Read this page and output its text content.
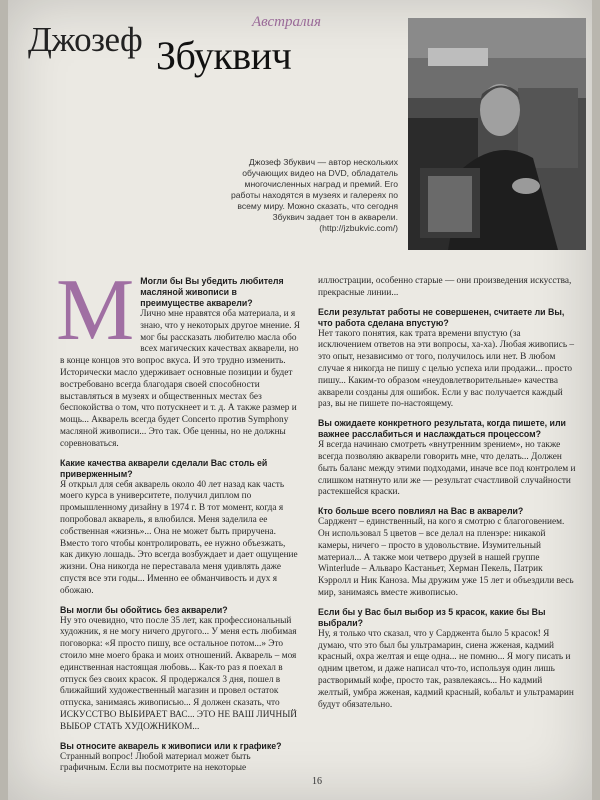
Джозеф Збуквич
Австралия
Джозеф Збуквич — автор нескольких обучающих видео на DVD, обладатель многочисленных наград и премий. Его работы находятся в музеях и галереях по всему миру. Можно сказать, что сегодня Збуквич задает тон в акварели. (http://jzbukvic.com/)
М Могли бы Вы убедить любителя масляной живописи в преимуществе акварели?

Лично мне нравятся оба материала, и я знаю, что у некоторых другое мнение. Я мог бы рассказать любителю масла обо всех магических качествах акварели, но в конце концов это вопрос вкуса. И это трудно изменить. Исторически масло удерживает основные позиции и будет востребовано всегда благодаря своей способности выставляться в музеях и общественных местах без беспокойства о том, что потускнеет и т. д. А также размер и мощь... Акварель всегда будет Concerto против Symphony масляной живописи... Это так. Обе ценны, но не должны соревноваться.

Какие качества акварели сделали Вас столь ей приверженным?

Я открыл для себя акварель около 40 лет назад как часть моего курса в университете, получил диплом по промышленному дизайну в 1974 г. В тот момент, когда я попробовал акварель, я влюбился. Меня заделила ее собственная «жизнь»... Она не может быть приручена. Вместо того чтобы контролировать, ее нужно объезжать, как дикую лошадь. Это всегда возбуждает и дает ощущение жизни. Она никогда не переставала меня удивлять даже спустя все эти годы... Именно ее обманчивость и дух я обожаю.

Вы могли бы обойтись без акварели?

Ну это очевидно, что после 35 лет, как профессиональный художник, я не могу ничего другого... У меня есть любимая поговорка: «Я просто пишу, все остальное потом...» Это стоило мне моего брака и моих отношений. Акварель – моя единственная настоящая любовь... Как-то раз я поехал в отпуск без своих красок. Я продержался 3 дня, пошел в ближайший художественный магазин и провел остаток отпуска, занимаясь живописью... Я должен сказать, что ИСКУССТВО ВЫБИРАЕТ ВАС... ЭТО НЕ ВАШ ЛИЧНЫЙ ВЫБОР СТАТЬ ХУДОЖНИКОМ...

Вы относите акварель к живописи или к графике?

Странный вопрос! Любой материал может быть графичным. Если вы посмотрите на некоторые

иллюстрации, особенно старые — они произведения искусства, прекрасные линии...

Если результат работы не совершенен, считаете ли Вы, что работа сделана впустую?

Нет такого понятия, как трата времени впустую (за исключением ответов на эти вопросы, ха-ха). Любая живопись – это опыт, независимо от того, получилось или нет. В любом случае я никогда не пишу с целью успеха или продажи... просто пишу... Каким-то образом «неудовлетворительные» качества акварели созданы для ошибок. Если у вас получается каждый раз, вы не пишете по-настоящему.

Вы ожидаете конкретного результата, когда пишете, или важнее расслабиться и наслаждаться процессом?

Я всегда начинаю смотреть «внутренним зрением», но также всегда позволяю акварели говорить мне, что делать... Должен быть баланс между этими подходами, иначе все под контролем и слишком натянуто или же — результат счастливой случайности растекшейся краски.

Кто больше всего повлиял на Вас в акварели?

Сарджент – единственный, на кого я смотрю с благоговением. Он использовал 5 цветов – все делал на пленэре: никакой камеры, ничего – просто в удовольствие. Изумительный материал... А также мои четверо друзей в нашей группе Winterlude – Альваро Кастаньет, Херман Пекель, Патрик Кэрролл и Ник Каноза. Мы дружим уже 15 лет и объездили весь мир, занимаясь вместе живописью.

Если бы у Вас был выбор из 5 красок, какие бы Вы выбрали?

Ну, я только что сказал, что у Сарджента было 5 красок! Я думаю, что это был бы ультрамарин, сиена жженая, кадмий красный, охра желтая и еще одна... не помню... Я могу писать и одним цветом, и даже написал что-то, используя один лишь растворимый кофе, просто так, развлекаясь... Но кадмий желтый, умбра жженая, кадмий красный, кобальт и ультрамарин будут обязательно.

16
